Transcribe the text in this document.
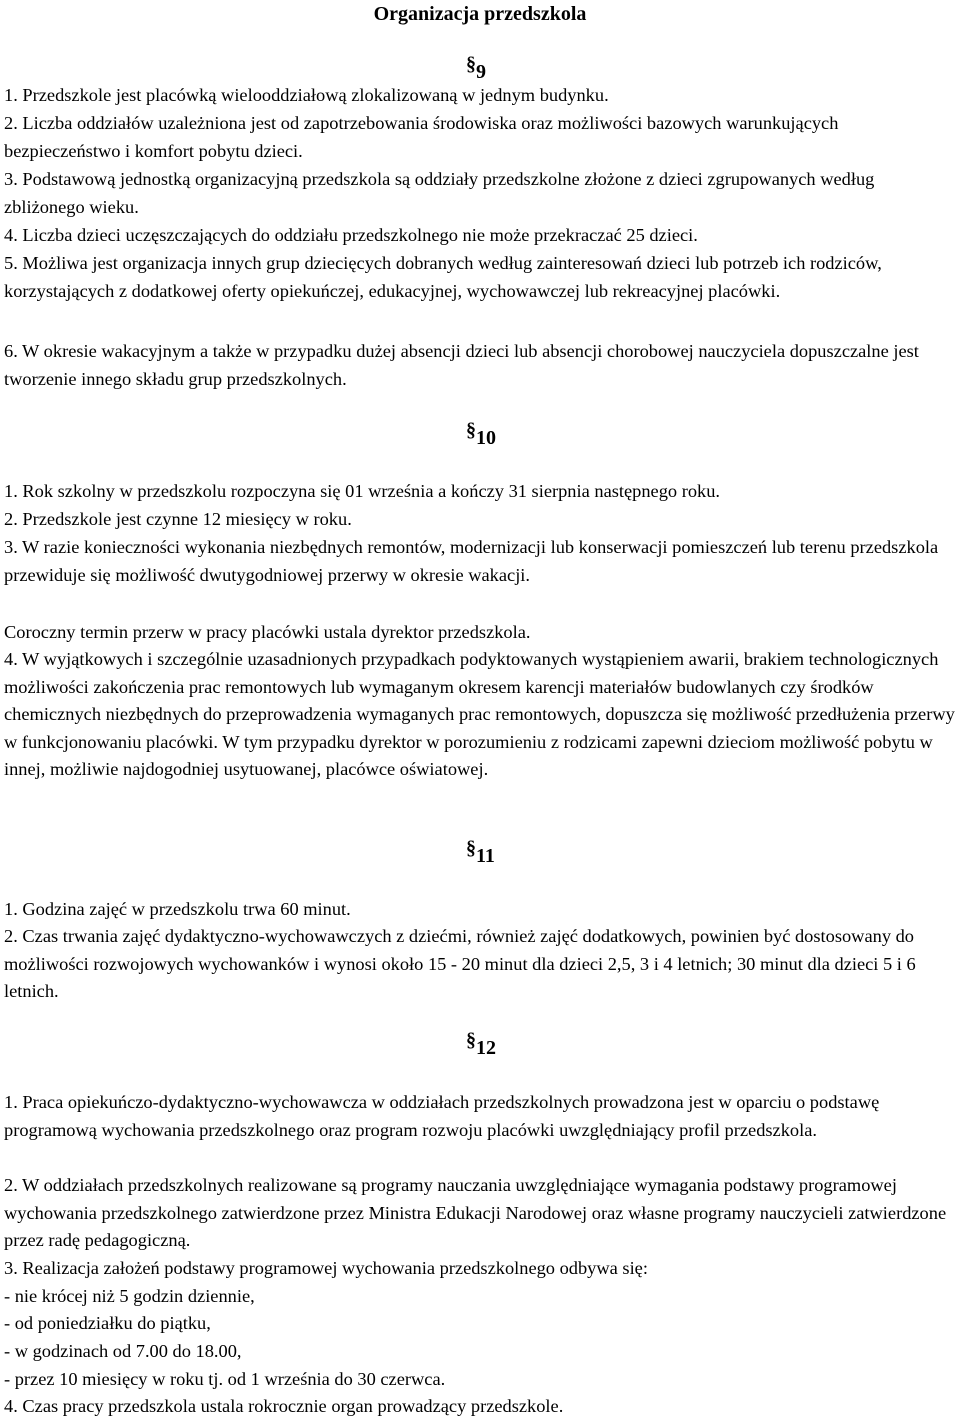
Organizacja przedszkola
§9

1. Przedszkole jest placówką wielooddziałową zlokalizowaną w jednym budynku.

2. Liczba oddziałów uzależniona jest od zapotrzebowania środowiska oraz możliwości bazowych warunkujących bezpieczeństwo i komfort pobytu dzieci.

3. Podstawową jednostką organizacyjną przedszkola są oddziały przedszkolne złożone z dzieci zgrupowanych według zbliżonego wieku.

4. Liczba dzieci uczęszczających do oddziału przedszkolnego nie może przekraczać 25 dzieci.

5. Możliwa jest organizacja innych grup dziecięcych dobranych według zainteresowań dzieci lub potrzeb ich rodziców, korzystających z dodatkowej oferty opiekuńczej, edukacyjnej, wychowawczej lub rekreacyjnej placówki.

6. W okresie wakacyjnym a także w przypadku dużej absencji dzieci lub absencji chorobowej nauczyciela dopuszczalne jest tworzenie innego składu grup przedszkolnych.

§10

1. Rok szkolny w przedszkolu rozpoczyna się 01 września a kończy 31 sierpnia następnego roku.

2. Przedszkole jest czynne 12 miesięcy w roku.

3. W razie konieczności wykonania niezbędnych remontów, modernizacji lub konserwacji pomieszczeń lub terenu przedszkola przewiduje się możliwość dwutygodniowej przerwy w okresie wakacji.

Coroczny termin przerw w pracy placówki ustala dyrektor przedszkola.

4. W wyjątkowych i szczególnie uzasadnionych przypadkach podyktowanych wystąpieniem awarii, brakiem technologicznych możliwości zakończenia prac remontowych lub wymaganym okresem karencji materiałów budowlanych czy środków chemicznych niezbędnych do przeprowadzenia wymaganych prac remontowych, dopuszcza się możliwość przedłużenia przerwy w funkcjonowaniu placówki. W tym przypadku dyrektor w porozumieniu z rodzicami zapewni dzieciom możliwość pobytu w innej, możliwie najdogodniej usytuowanej, placówce oświatowej.

§11

1. Godzina zajęć w przedszkolu trwa 60 minut.

2. Czas trwania zajęć dydaktyczno-wychowawczych z dziećmi, również zajęć dodatkowych, powinien być dostosowany do możliwości rozwojowych wychowanków i wynosi około 15 - 20 minut dla dzieci 2,5, 3 i 4 letnich; 30 minut dla dzieci 5 i 6 letnich.

§12

1. Praca opiekuńczo-dydaktyczno-wychowawcza w oddziałach przedszkolnych prowadzona jest w oparciu o podstawę programową wychowania przedszkolnego oraz program rozwoju placówki uwzględniający profil przedszkola.

2. W oddziałach przedszkolnych realizowane są programy nauczania uwzględniające wymagania podstawy programowej wychowania przedszkolnego zatwierdzone przez Ministra Edukacji Narodowej oraz własne programy nauczycieli zatwierdzone przez radę pedagogiczną.

3. Realizacja założeń podstawy programowej wychowania przedszkolnego odbywa się:

- nie krócej niż 5 godzin dziennie,

- od poniedziałku do piątku,

- w godzinach od 7.00 do 18.00,

- przez 10 miesięcy w roku tj. od 1 września do 30 czerwca.

4. Czas pracy przedszkola ustala rokrocznie organ prowadzący przedszkole.
